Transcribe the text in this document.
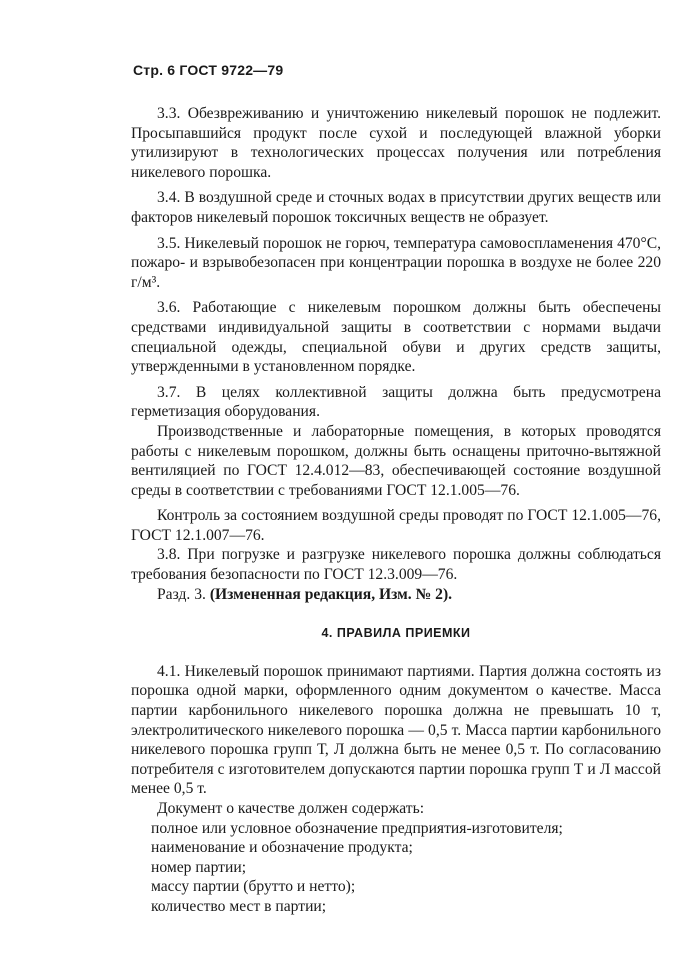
Стр. 6 ГОСТ 9722—79

3.3. Обезвреживанию и уничтожению никелевый порошок не подлежит. Просыпавшийся продукт после сухой и последующей влажной уборки утилизируют в технологических процессах получения или потребления никелевого порошка.

3.4. В воздушной среде и сточных водах в присутствии других веществ или факторов никелевый порошок токсичных веществ не образует.

3.5. Никелевый порошок не горюч, температура самовоспламенения 470°С, пожаро- и взрывобезопасен при концентрации порошка в воздухе не более 220 г/м³.

3.6. Работающие с никелевым порошком должны быть обеспечены средствами индивидуальной защиты в соответствии с нормами выдачи специальной одежды, специальной обуви и других средств защиты, утвержденными в установленном порядке.

3.7. В целях коллективной защиты должна быть предусмотрена герметизация оборудования.

Производственные и лабораторные помещения, в которых проводятся работы с никелевым порошком, должны быть оснащены приточно-вытяжной вентиляцией по ГОСТ 12.4.012—83, обеспечивающей состояние воздушной среды в соответствии с требованиями ГОСТ 12.1.005—76.

Контроль за состоянием воздушной среды проводят по ГОСТ 12.1.005—76, ГОСТ 12.1.007—76.

3.8. При погрузке и разгрузке никелевого порошка должны соблюдаться требования безопасности по ГОСТ 12.3.009—76.

Разд. 3. (Измененная редакция, Изм. № 2).

4. ПРАВИЛА ПРИЕМКИ

4.1. Никелевый порошок принимают партиями. Партия должна состоять из порошка одной марки, оформленного одним документом о качестве. Масса партии карбонильного никелевого порошка должна не превышать 10 т, электролитического никелевого порошка — 0,5 т. Масса партии карбонильного никелевого порошка групп Т, Л должна быть не менее 0,5 т. По согласованию потребителя с изготовителем допускаются партии порошка групп Т и Л массой менее 0,5 т.

Документ о качестве должен содержать:

полное или условное обозначение предприятия-изготовителя;
наименование и обозначение продукта;
номер партии;
массу партии (брутто и нетто);
количество мест в партии;
